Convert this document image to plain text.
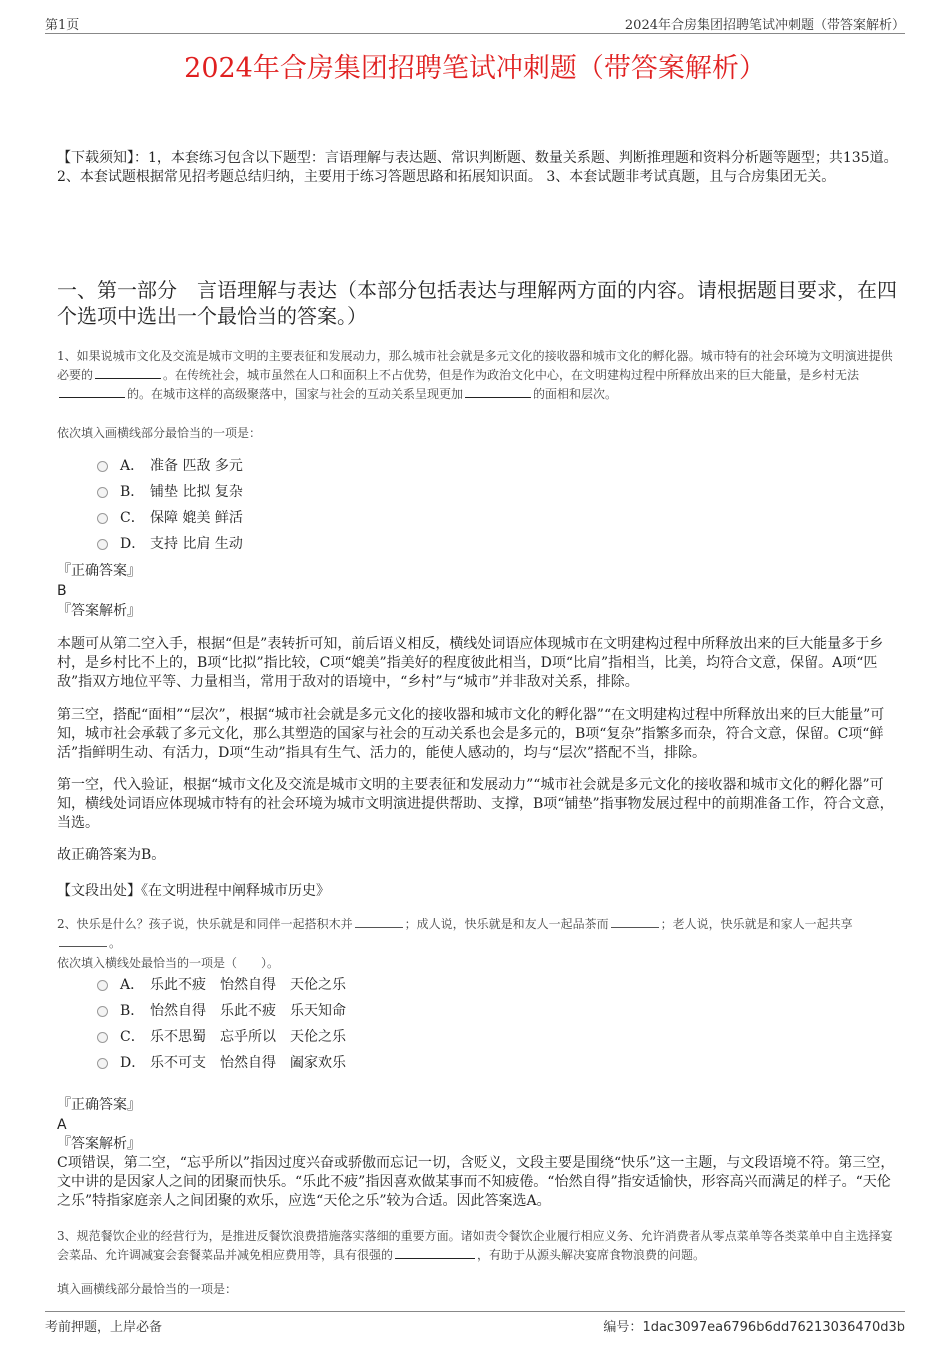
第1页	2024年合房集团招聘笔试冲刺题（带答案解析）
2024年合房集团招聘笔试冲刺题（带答案解析）
【下载须知】：1，本套练习包含以下题型：言语理解与表达题、常识判断题、数量关系题、判断推理题和资料分析题等题型；共135道。 2、本套试题根据常见招考题总结归纳，主要用于练习答题思路和拓展知识面。 3、本套试题非考试真题，且与合房集团无关。
一、第一部分　言语理解与表达（本部分包括表达与理解两方面的内容。请根据题目要求，在四个选项中选出一个最恰当的答案。）
1、如果说城市文化及交流是城市文明的主要表征和发展动力，那么城市社会就是多元文化的接收器和城市文化的孵化器。城市特有的社会环境为文明演进提供必要的	。在传统社会，城市虽然在人口和面积上不占优势，但是作为政治文化中心，在文明建构过程中所释放出来的巨大能量，是乡村无法的。在城市这样的高级聚落中，国家与社会的互动关系呈现更加	的面相和层次。
依次填入画横线部分最恰当的一项是：
A． 准备 匹敌 多元
B． 铺垫 比拟 复杂
C． 保障 媲美 鲜活
D． 支持 比肩 生动
『正确答案』
B
『答案解析』
本题可从第二空入手，根据“但是”表转折可知，前后语义相反，横线处词语应体现城市在文明建构过程中所释放出来的巨大能量多于乡村，是乡村比不上的，B项“比拟”指比较，C项“媲美”指美好的程度彼此相当，D项“比肩”指相当，比美，均符合文意，保留。A项“匹敌”指双方地位平等、力量相当，常用于敌对的语境中，“乡村”与“城市”并非敌对关系，排除。
第三空，搭配“面相”“层次”，根据“城市社会就是多元文化的接收器和城市文化的孵化器”“在文明建构过程中所释放出来的巨大能量”可知，城市社会承载了多元文化，那么其塑造的国家与社会的互动关系也会是多元的，B项“复杂”指繁多而杂，符合文意，保留。C项“鲜活”指鲜明生动、有活力，D项“生动”指具有生气、活力的，能使人感动的，均与“层次”搭配不当，排除。
第一空，代入验证，根据“城市文化及交流是城市文明的主要表征和发展动力”“城市社会就是多元文化的接收器和城市文化的孵化器”可知，横线处词语应体现城市特有的社会环境为城市文明演进提供帮助、支撑，B项“铺垫”指事物发展过程中的前期准备工作，符合文意，当选。
故正确答案为B。
【文段出处】《在文明进程中阐释城市历史》
2、快乐是什么？孩子说，快乐就是和同伴一起搭积木并	；成人说，快乐就是和友人一起品茶而	；老人说，快乐就是和家人一起共享。
依次填入横线处最恰当的一项是（　　）。
A． 乐此不疲　怡然自得　天伦之乐
B． 怡然自得　乐此不疲　乐天知命
C． 乐不思蜀　忘乎所以　天伦之乐
D． 乐不可支　怡然自得　阖家欢乐
『正确答案』
A
『答案解析』
C项错误，第二空，“忘乎所以”指因过度兴奋或骄傲而忘记一切，含贬义，文段主要是围绕“快乐”这一主题，与文段语境不符。第三空，文中讲的是因家人之间的团聚而快乐。“乐此不疲”指因喜欢做某事而不知疲倦。“怡然自得”指安适愉快，形容高兴而满足的样子。“天伦之乐”特指家庭亲人之间团聚的欢乐，应选“天伦之乐”较为合适。因此答案选A。
3、规范餐饮企业的经营行为，是推进反餐饮浪费措施落实落细的重要方面。诸如责令餐饮企业履行相应义务、允许消费者从零点菜单等各类菜单中自主选择宴会菜品、允许调减宴会套餐菜品并减免相应费用等，具有很强的	，有助于从源头解决宴席食物浪费的问题。
填入画横线部分最恰当的一项是：
考前押题，上岸必备	编号：1dac3097ea6796b6dd76213036470d3b
